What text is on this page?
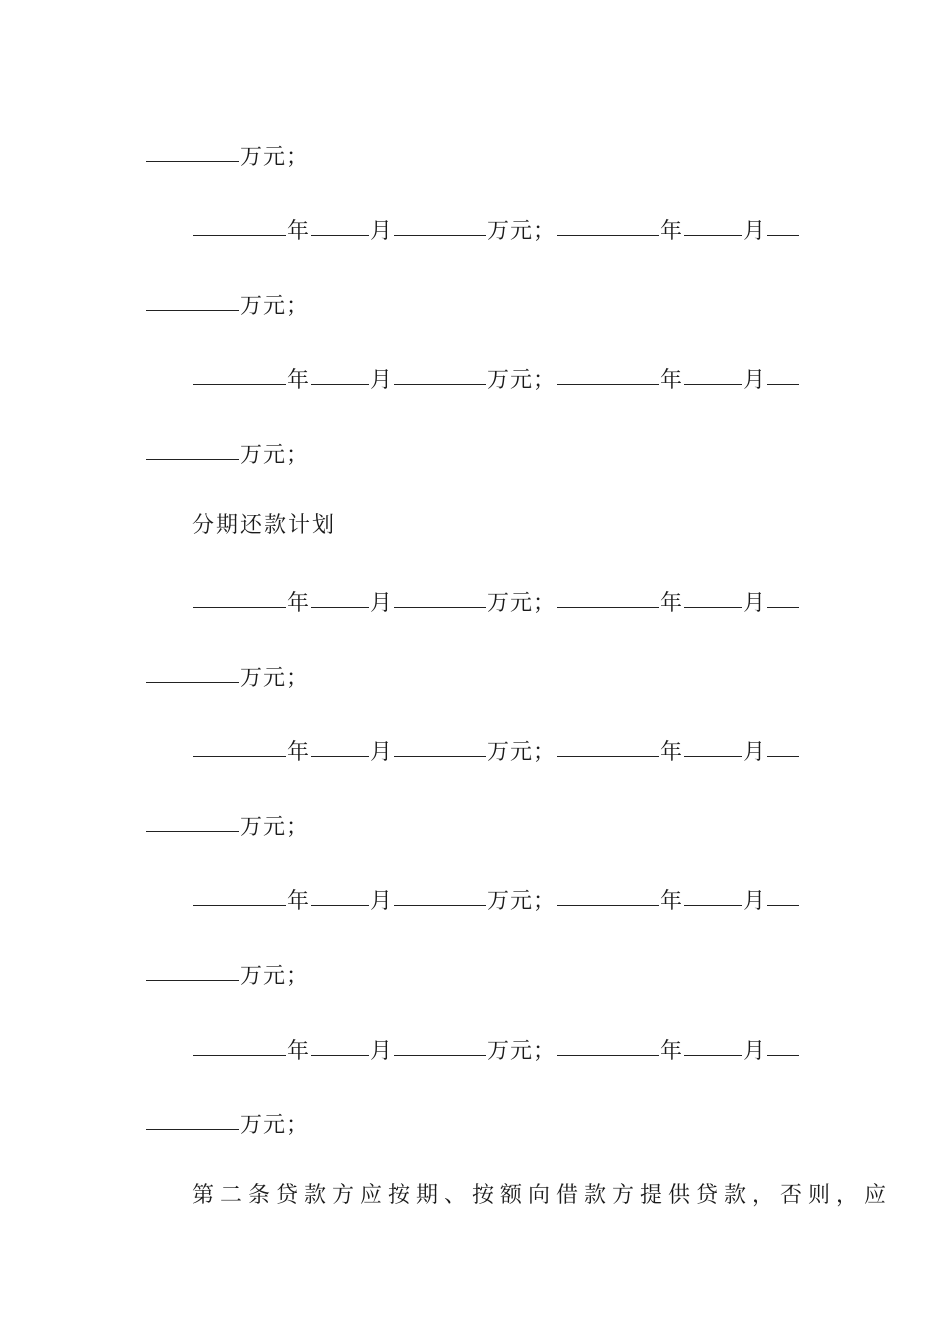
万元；
年	月	万元；	年	月
万元；
年	月	万元；	年	月
万元；
分期还款计划
年	月	万元；	年	月
万元；
年	月	万元；	年	月
万元；
年	月	万元；	年	月
万元；
年	月	万元；	年	月
万元；
第二条贷款方应按期、按额向借款方提供贷款，否则，应
